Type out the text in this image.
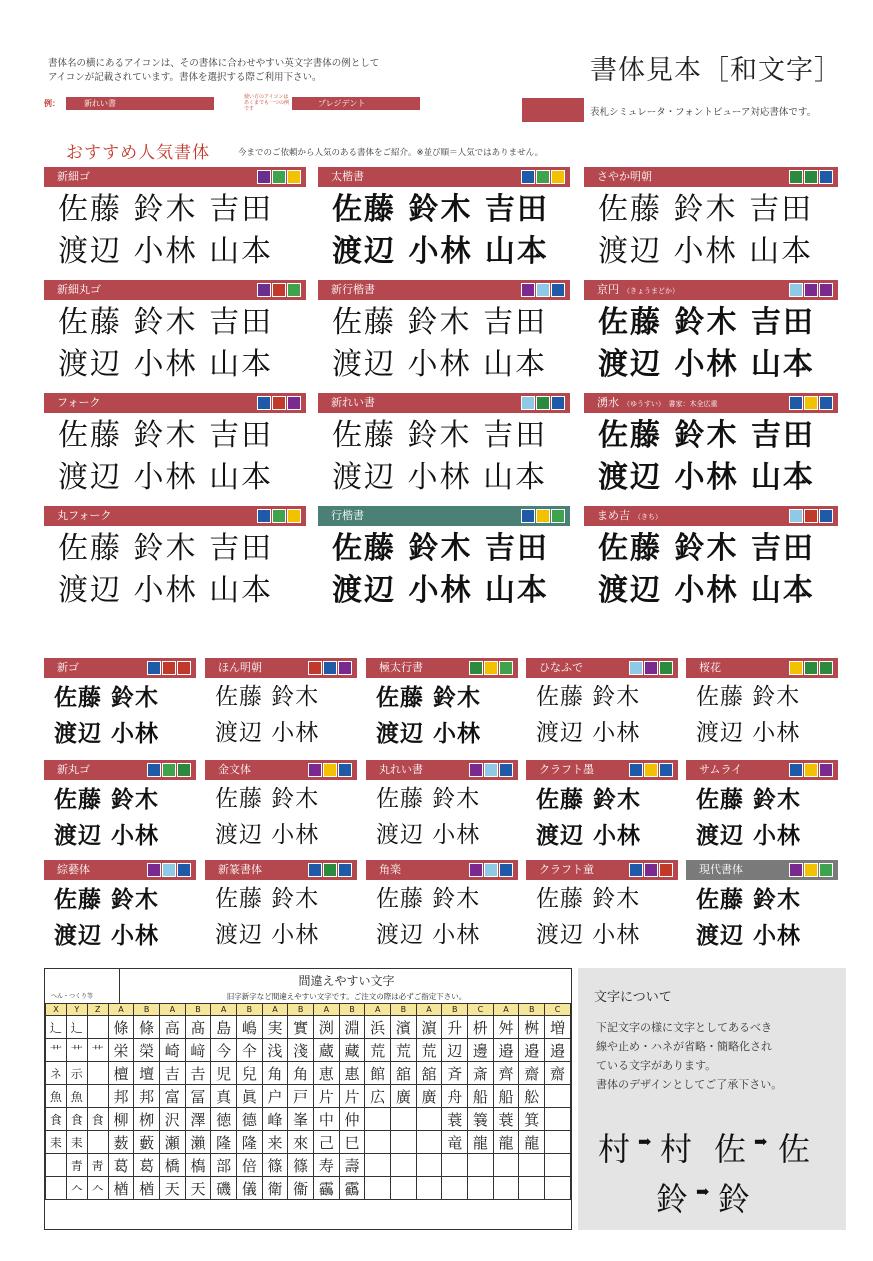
書体名の横にあるアイコンは、その書体に合わせやすい英文字書体の例として
アイコンが記載されています。書体を選択する際ご利用下さい。	書体見本［和文字］
例：	新れい書
使い方のアイコンはあくまでも一つの例です
プレジデント
表札シミュレータ・フォントビューア対応書体です。
おすすめ人気書体	今までのご依頼から人気のある書体をご紹介。※並び順＝人気ではありません。
新細ゴ
佐藤 鈴木 吉田
渡辺 小林 山本
太楷書
佐藤 鈴木 吉田
渡辺 小林 山本
さやか明朝
佐藤 鈴木 吉田
渡辺 小林 山本
新細丸ゴ
佐藤 鈴木 吉田
渡辺 小林 山本
新行楷書
佐藤 鈴木 吉田
渡辺 小林 山本
京円 （きょうまどか）
佐藤 鈴木 吉田
渡辺 小林 山本
フォーク
佐藤 鈴木 吉田
渡辺 小林 山本
新れい書
佐藤 鈴木 吉田
渡辺 小林 山本
湧水 （ゆうすい）　書家：木全広重
佐藤 鈴木 吉田
渡辺 小林 山本
丸フォーク
佐藤 鈴木 吉田
渡辺 小林 山本
行楷書
佐藤 鈴木 吉田
渡辺 小林 山本
まめ吉 （きち）
佐藤 鈴木 吉田
渡辺 小林 山本
新ゴ
佐藤 鈴木
渡辺 小林
ほん明朝
佐藤 鈴木
渡辺 小林
極太行書
佐藤 鈴木
渡辺 小林
ひなふで
佐藤 鈴木
渡辺 小林
桜花
佐藤 鈴木
渡辺 小林
新丸ゴ
佐藤 鈴木
渡辺 小林
金文体
佐藤 鈴木
渡辺 小林
丸れい書
佐藤 鈴木
渡辺 小林
クラフト墨
佐藤 鈴木
渡辺 小林
サムライ
佐藤 鈴木
渡辺 小林
綜藝体
佐藤 鈴木
渡辺 小林
新篆書体
佐藤 鈴木
渡辺 小林
角楽
佐藤 鈴木
渡辺 小林
クラフト童
佐藤 鈴木
渡辺 小林
現代書体
佐藤 鈴木
渡辺 小林
へん・つくり等
間違えやすい文字
旧字新字など間違えやすい文字です。ご注文の際は必ずご指定下さい。
X	Y	Z	A	B	A	B	A	B	A	B	A	B	A	B	A	B	C	A	B	C
辶	辶		條	條	高	髙	島	嶋	実	實	渕	淵	浜	濱	濵	升	枡	舛	桝	増
艹	艹	艹	栄	榮	崎	﨑	今	仐	浅	淺	蔵	藏	荒	荒	荒	辺	邊	邉	邉	邉
ネ	示		檀	壇	吉	𠮷	児	兒	角	角	恵	惠	館	舘	舘	斉	斎	齊	齋	齋
魚	魚		邦	邦	富	冨	真	眞	户	戸	片	片	広	廣	廣	舟	船	船	舩	
食	食	食	柳	栁	沢	澤	徳	德	峰	峯	中	仲				蓑	簔	蓑	箕	
耒	耒		薮	藪	瀬	瀨	隆	隆	来	來	己	巳				竜	龍	龍	龍	
	青	靑	葛	葛	橋	槗	部	倍	篠	篠	寿	壽								
	𠆢	𠆢	楢	楢	天	天	磯	儀	衛	衞	靏	靍								
文字について
下記文字の様に文字としてあるべき
線や止め・ハネが省略・簡略化され
ている文字があります。
書体のデザインとしてご了承下さい。
村 ➡ 村 佐 ➡ 佐
鈴 ➡ 鈴
